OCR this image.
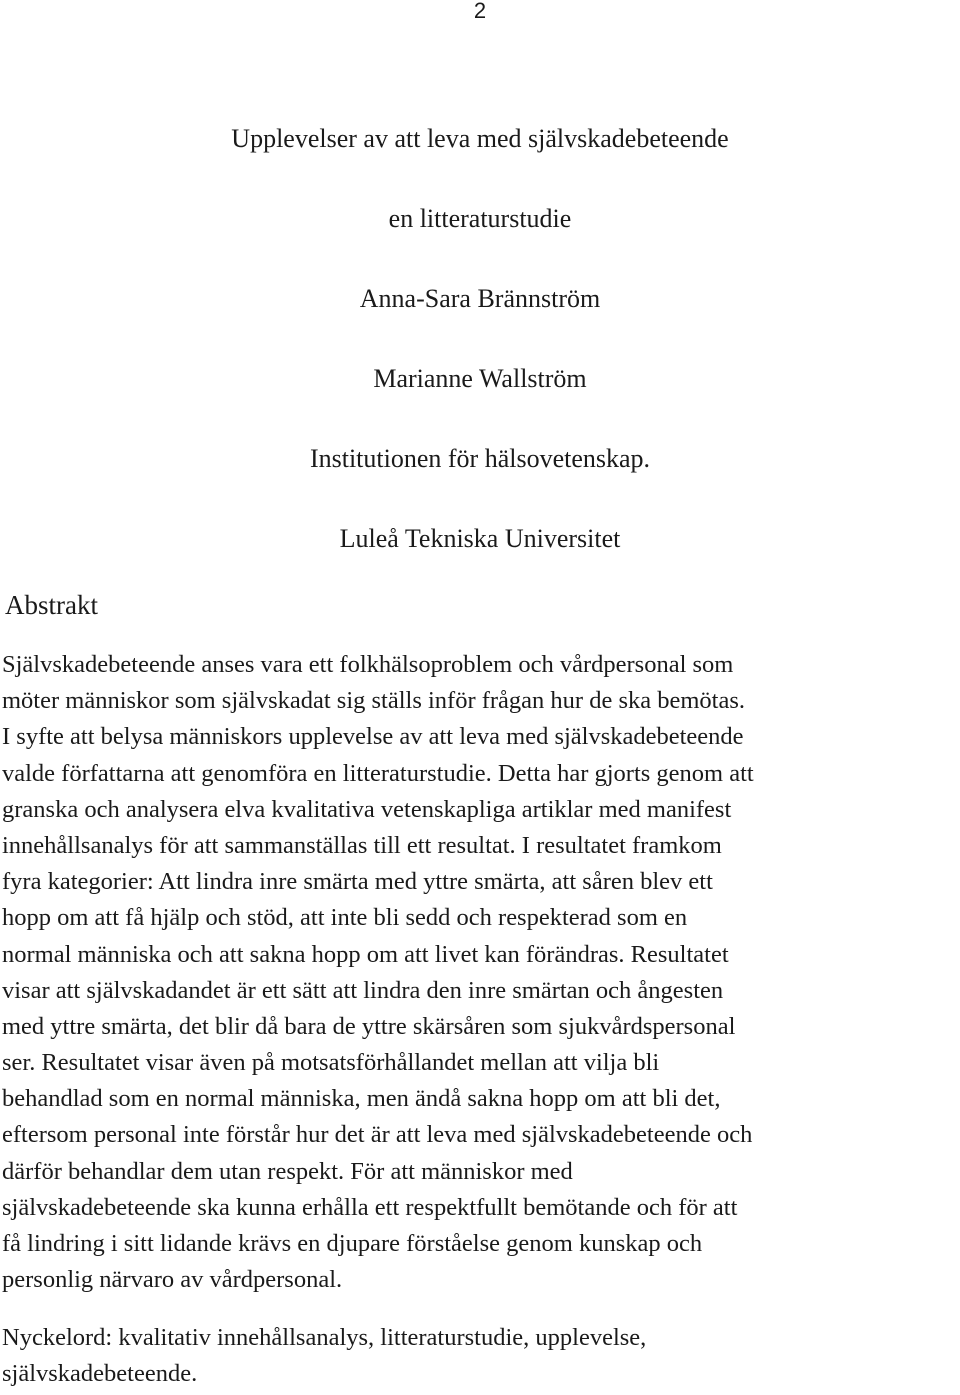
2
Upplevelser av att leva med självskadebeteende
en litteraturstudie
Anna-Sara Brännström
Marianne Wallström
Institutionen för hälsovetenskap.
Luleå Tekniska Universitet
Abstrakt
Självskadebeteende anses vara ett folkhälsoproblem och vårdpersonal som
möter människor som självskadat sig ställs inför frågan hur de ska bemötas.
I syfte att belysa människors upplevelse av att leva med självskadebeteende
valde författarna att genomföra en litteraturstudie. Detta har gjorts genom att
granska och analysera elva kvalitativa vetenskapliga artiklar med manifest
innehållsanalys för att sammanställas till ett resultat. I resultatet framkom
fyra kategorier: Att lindra inre smärta med yttre smärta, att såren blev ett
hopp om att få hjälp och stöd, att inte bli sedd och respekterad som en
normal människa och att sakna hopp om att livet kan förändras. Resultatet
visar att självskadandet är ett sätt att lindra den inre smärtan och ångesten
med yttre smärta, det blir då bara de yttre skärsåren som sjukvårdspersonal
ser. Resultatet visar även på motsatsförhållandet mellan att vilja bli
behandlad som en normal människa, men ändå sakna hopp om att bli det,
eftersom personal inte förstår hur det är att leva med självskadebeteende och
därför behandlar dem utan respekt. För att människor med
självskadebeteende ska kunna erhålla ett respektfullt bemötande och för att
få lindring i sitt lidande krävs en djupare förståelse genom kunskap och
personlig närvaro av vårdpersonal.
Nyckelord: kvalitativ innehållsanalys, litteraturstudie, upplevelse,
självskadebeteende.
